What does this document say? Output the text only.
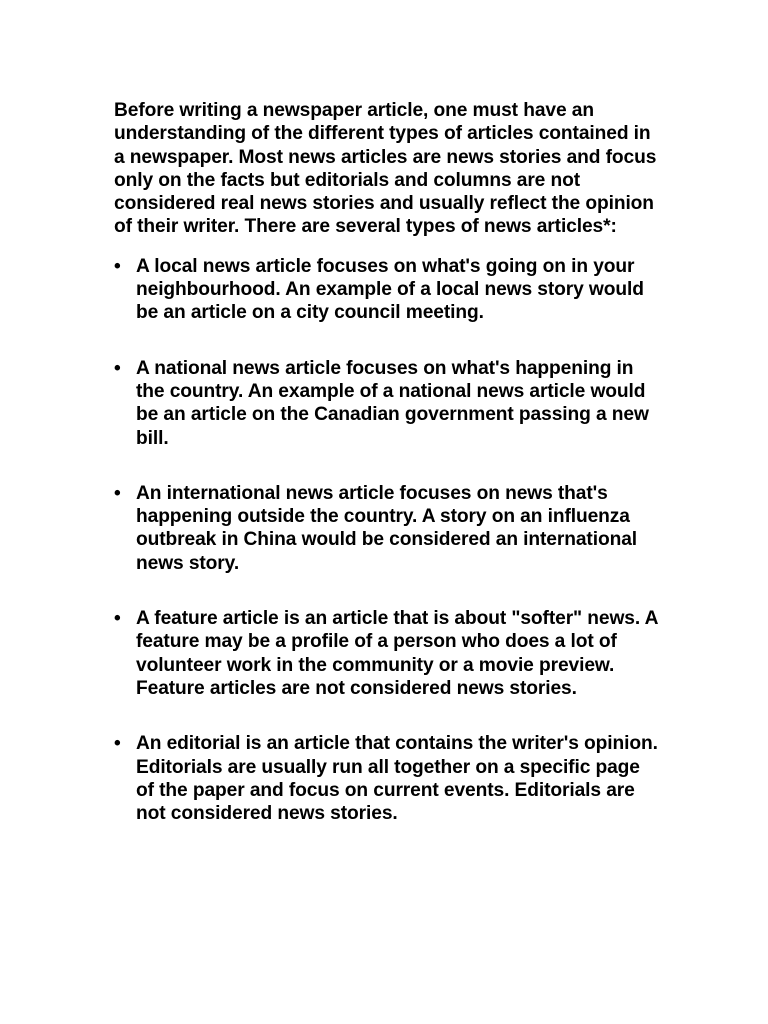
Before writing a newspaper article, one must have an understanding of the different types of articles contained in a newspaper. Most news articles are news stories and focus only on the facts but editorials and columns are not considered real news stories and usually reflect the opinion of their writer. There are several types of news articles*:

• A local news article focuses on what's going on in your neighbourhood. An example of a local news story would be an article on a city council meeting.
• A national news article focuses on what's happening in the country. An example of a national news article would be an article on the Canadian government passing a new bill.
• An international news article focuses on news that's happening outside the country. A story on an influenza outbreak in China would be considered an international news story.
• A feature article is an article that is about "softer" news. A feature may be a profile of a person who does a lot of volunteer work in the community or a movie preview. Feature articles are not considered news stories.
• An editorial is an article that contains the writer's opinion. Editorials are usually run all together on a specific page of the paper and focus on current events. Editorials are not considered news stories.
